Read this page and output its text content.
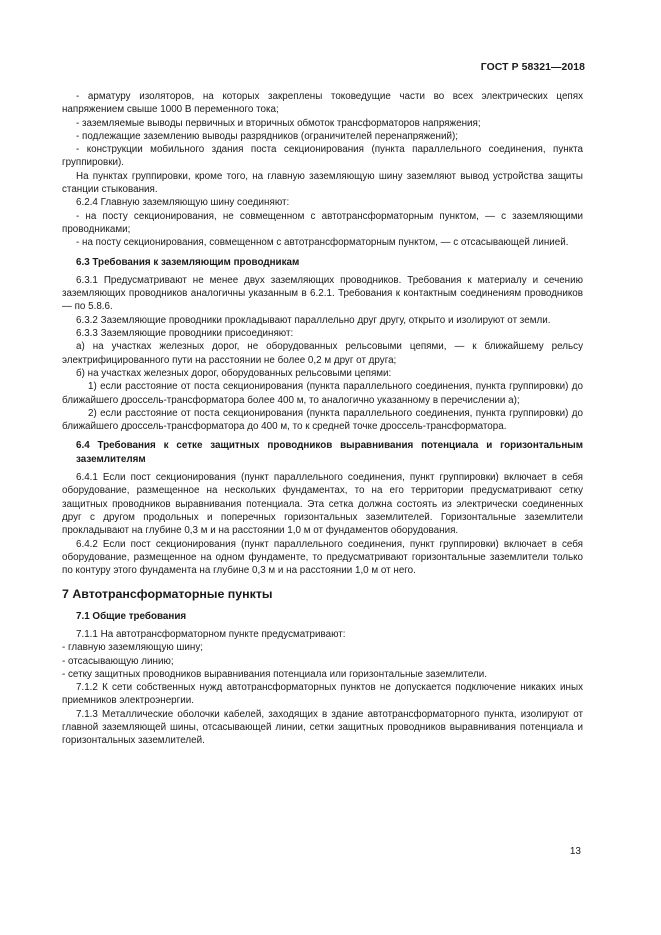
ГОСТ Р 58321—2018

- арматуру изоляторов, на которых закреплены токоведущие части во всех электрических цепях напряжением свыше 1000 В переменного тока;

- заземляемые выводы первичных и вторичных обмоток трансформаторов напряжения;

- подлежащие заземлению выводы разрядников (ограничителей перенапряжений);

- конструкции мобильного здания поста секционирования (пункта параллельного соединения, пункта группировки).

На пунктах группировки, кроме того, на главную заземляющую шину заземляют вывод устройства защиты станции стыкования.

6.2.4 Главную заземляющую шину соединяют:

- на посту секционирования, не совмещенном с автотрансформаторным пунктом, — с заземляющими проводниками;

- на посту секционирования, совмещенном с автотрансформаторным пунктом, — с отсасывающей линией.

6.3 Требования к заземляющим проводникам

6.3.1 Предусматривают не менее двух заземляющих проводников. Требования к материалу и сечению заземляющих проводников аналогичны указанным в 6.2.1. Требования к контактным соединениям проводников — по 5.8.6.

6.3.2 Заземляющие проводники прокладывают параллельно друг другу, открыто и изолируют от земли.

6.3.3 Заземляющие проводники присоединяют:

а) на участках железных дорог, не оборудованных рельсовыми цепями, — к ближайшему рельсу электрифицированного пути на расстоянии не более 0,2 м друг от друга;

б) на участках железных дорог, оборудованных рельсовыми цепями:

1) если расстояние от поста секционирования (пункта параллельного соединения, пункта группировки) до ближайшего дроссель-трансформатора более 400 м, то аналогично указанному в перечислении а);

2) если расстояние от поста секционирования (пункта параллельного соединения, пункта группировки) до ближайшего дроссель-трансформатора до 400 м, то к средней точке дроссель-трансформатора.

6.4 Требования к сетке защитных проводников выравнивания потенциала и горизонтальным заземлителям

6.4.1 Если пост секционирования (пункт параллельного соединения, пункт группировки) включает в себя оборудование, размещенное на нескольких фундаментах, то на его территории предусматривают сетку защитных проводников выравнивания потенциала. Эта сетка должна состоять из электрически соединенных друг с другом продольных и поперечных горизонтальных заземлителей. Горизонтальные заземлители прокладывают на глубине 0,3 м и на расстоянии 1,0 м от фундаментов оборудования.

6.4.2 Если пост секционирования (пункт параллельного соединения, пункт группировки) включает в себя оборудование, размещенное на одном фундаменте, то предусматривают горизонтальные заземлители только по контуру этого фундамента на глубине 0,3 м и на расстоянии 1,0 м от него.

7 Автотрансформаторные пункты

7.1 Общие требования

7.1.1 На автотрансформаторном пункте предусматривают:

- главную заземляющую шину;

- отсасывающую линию;

- сетку защитных проводников выравнивания потенциала или горизонтальные заземлители.

7.1.2 К сети собственных нужд автотрансформаторных пунктов не допускается подключение никаких иных приемников электроэнергии.

7.1.3 Металлические оболочки кабелей, заходящих в здание автотрансформаторного пункта, изолируют от главной заземляющей шины, отсасывающей линии, сетки защитных проводников выравнивания потенциала и горизонтальных заземлителей.

13
